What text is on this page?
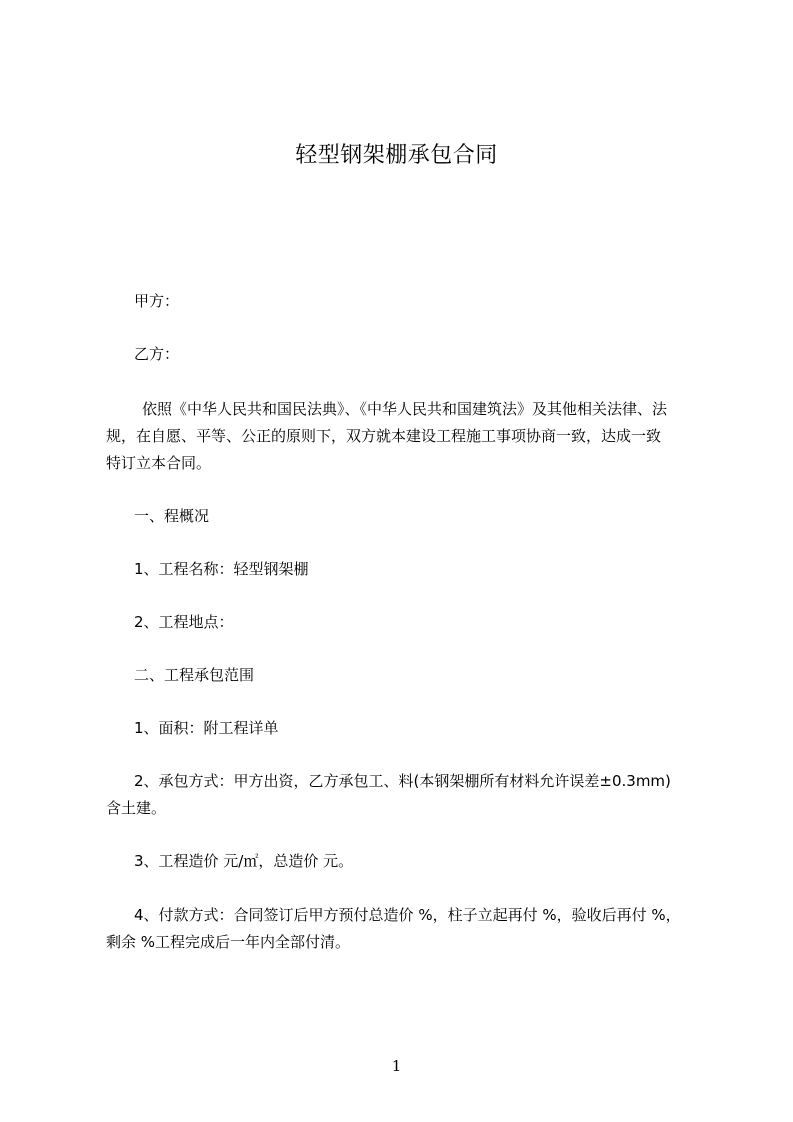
轻型钢架棚承包合同
甲方：
乙方：
依照《中华人民共和国民法典》、《中华人民共和国建筑法》及其他相关法律、法
规，在自愿、平等、公正的原则下，双方就本建设工程施工事项协商一致，达成一致
特订立本合同。
一、程概况
1、工程名称：轻型钢架棚
2、工程地点：
二、工程承包范围
1、面积：附工程详单
2、承包方式：甲方出资，乙方承包工、料(本钢架棚所有材料允许误差±0.3mm)
含土建。
3、工程造价 元/㎡，总造价 元。
4、付款方式：合同签订后甲方预付总造价 %，柱子立起再付 %，验收后再付 %，
剩余 %工程完成后一年内全部付清。
1
